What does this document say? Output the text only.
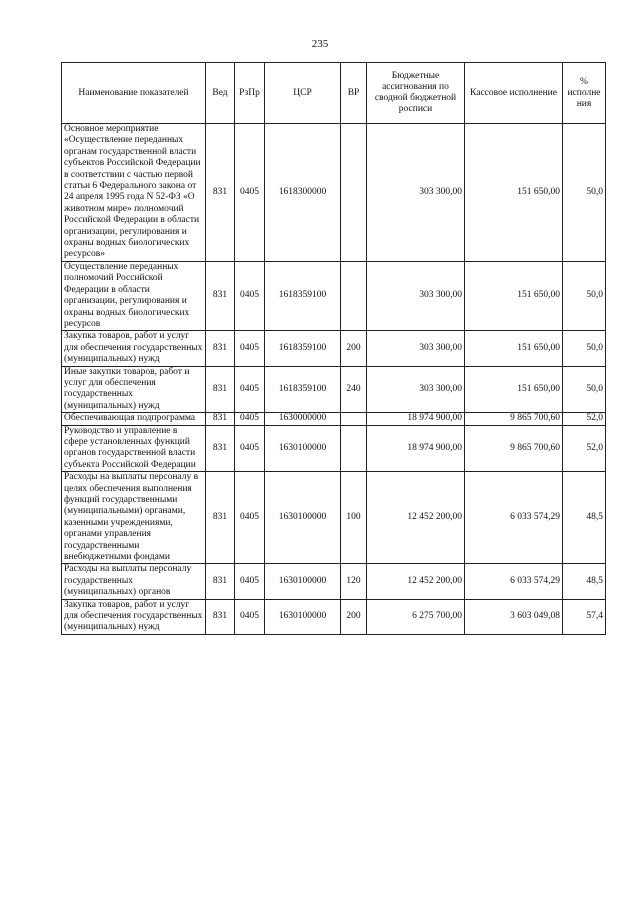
235
Наименование показателей	Вед	РзПр	ЦСР	ВР	Бюджетные ассигнования по сводной бюджетной росписи	Кассовое исполнение	% исполне ния
Основное мероприятие «Осуществление переданных органам государственной власти субъектов Российской Федерации в соответствии с частью первой статьи 6 Федерального закона от 24 апреля 1995 года N 52-ФЗ «О животном мире» полномочий Российской Федерации в области организации, регулирования и охраны водных биологических ресурсов»	831	0405	1618300000		303 300,00	151 650,00	50,0
Осуществление переданных полномочий Российской Федерации в области организации, регулирования и охраны водных биологических ресурсов	831	0405	1618359100		303 300,00	151 650,00	50,0
Закупка товаров, работ и услуг для обеспечения государственных (муниципальных) нужд	831	0405	1618359100	200	303 300,00	151 650,00	50,0
Иные закупки товаров, работ и услуг для обеспечения государственных (муниципальных) нужд	831	0405	1618359100	240	303 300,00	151 650,00	50,0
Обеспечивающая подпрограмма	831	0405	1630000000		18 974 900,00	9 865 700,60	52,0
Руководство и управление в сфере установленных функций органов государственной власти субъекта Российской Федерации	831	0405	1630100000		18 974 900,00	9 865 700,60	52,0
Расходы на выплаты персоналу в целях обеспечения выполнения функций государственными (муниципальными) органами, казенными учреждениями, органами управления государственными внебюджетными фондами	831	0405	1630100000	100	12 452 200,00	6 033 574,29	48,5
Расходы на выплаты персоналу государственных (муниципальных) органов	831	0405	1630100000	120	12 452 200,00	6 033 574,29	48,5
Закупка товаров, работ и услуг для обеспечения государственных (муниципальных) нужд	831	0405	1630100000	200	6 275 700,00	3 603 049,08	57,4
